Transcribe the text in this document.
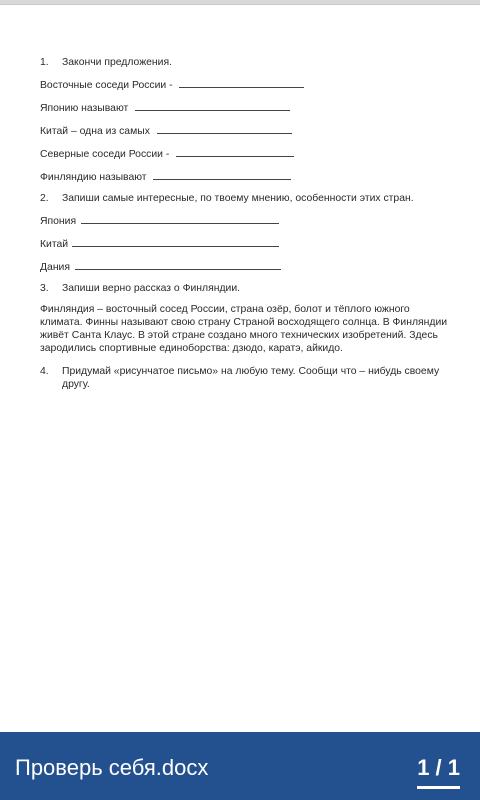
1.	Закончи предложения.
Восточные соседи России -
Японию называют
Китай – одна из самых
Северные соседи России -
Финляндию называют
2.	Запиши самые интересные, по твоему мнению, особенности этих стран.
Япония
Китай
Дания
3.	Запиши верно рассказ о Финляндии.
Финляндия – восточный сосед России, страна озёр, болот и тёплого южного климата. Финны называют свою страну Страной восходящего солнца. В Финляндии живёт Санта Клаус. В этой стране создано много технических изобретений. Здесь зародились спортивные единоборства: дзюдо, каратэ, айкидо.
4.	Придумай «рисунчатое письмо» на любую тему. Сообщи что – нибудь своему другу.
Проверь себя.docx	1 / 1
